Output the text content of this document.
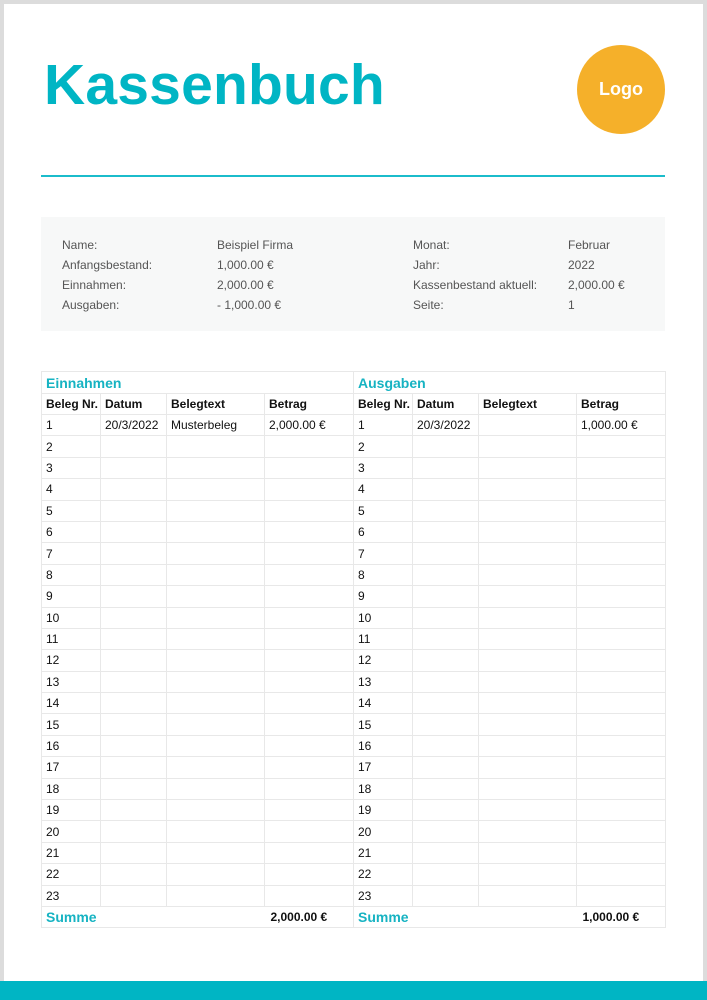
Kassenbuch	Logo
Name:	Beispiel Firma
Anfangsbestand:	1,000.00 €
Einnahmen:	2,000.00 €
Ausgaben:	- 1,000.00 €
Monat:	Februar
Jahr:	2022
Kassenbestand aktuell:	2,000.00 €
Seite:	1
Einnahmen			
Beleg Nr.	Datum	Belegtext	Betrag
1	20/3/2022	Musterbeleg	2,000.00 €
2			
3			
4			
5			
6			
7			
8			
9			
10			
11			
12			
13			
14			
15			
16			
17			
18			
19			
20			
21			
22			
23			
Summe			2,000.00 €
Ausgaben			
Beleg Nr.	Datum	Belegtext	Betrag
1	20/3/2022		1,000.00 €
2			
3			
4			
5			
6			
7			
8			
9			
10			
11			
12			
13			
14			
15			
16			
17			
18			
19			
20			
21			
22			
23			
Summe			1,000.00 €
